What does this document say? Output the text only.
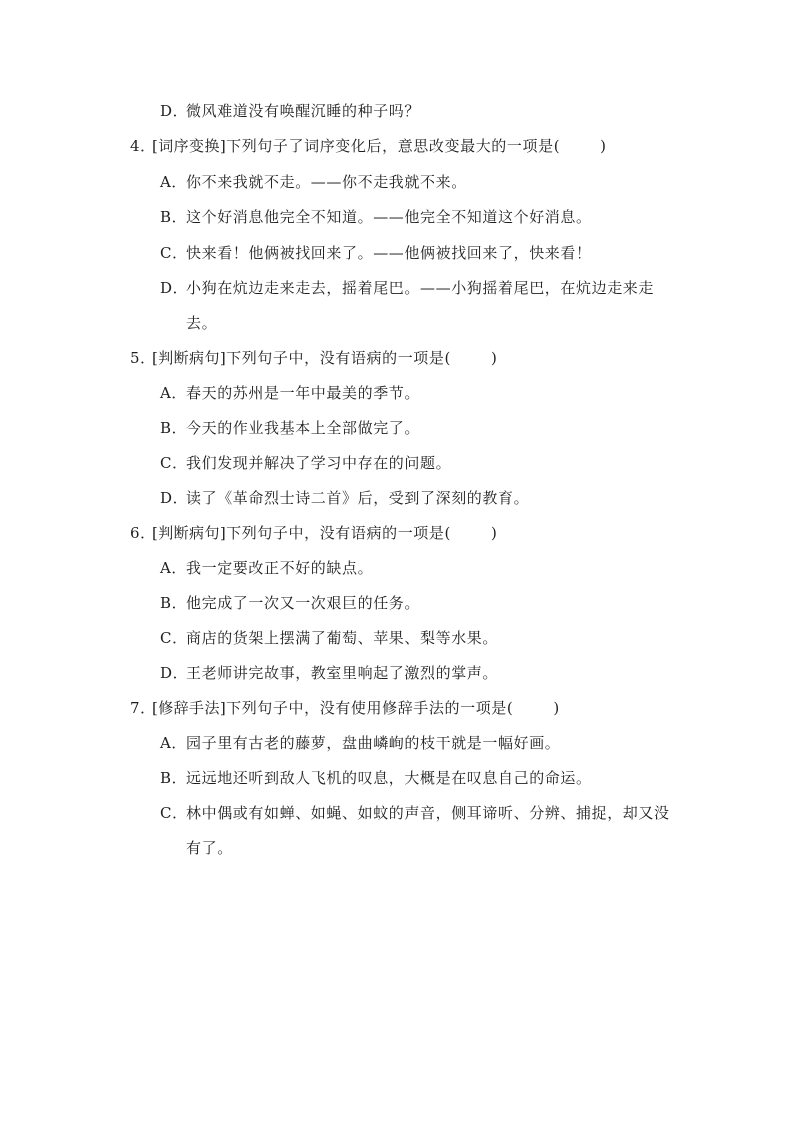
D．
微风难道没有唤醒沉睡的种子吗？
4．
[词序变换]下列句子了词序变化后，意思改变最大的一项是(	)
A．
你不来我就不走。——你不走我就不来。
B．
这个好消息他完全不知道。——他完全不知道这个好消息。
C．
快来看！他俩被找回来了。——他俩被找回来了，快来看！
D．
小狗在炕边走来走去，摇着尾巴。——小狗摇着尾巴，在炕边走来走
去。
5．
[判断病句]下列句子中，没有语病的一项是(	)
A．
春天的苏州是一年中最美的季节。
B．
今天的作业我基本上全部做完了。
C．
我们发现并解决了学习中存在的问题。
D．
读了《革命烈士诗二首》后，受到了深刻的教育。
6．
[判断病句]下列句子中，没有语病的一项是(	)
A．
我一定要改正不好的缺点。
B．
他完成了一次又一次艰巨的任务。
C．
商店的货架上摆满了葡萄、苹果、梨等水果。
D．
王老师讲完故事，教室里响起了激烈的掌声。
7．
[修辞手法]下列句子中，没有使用修辞手法的一项是(	)
A．
园子里有古老的藤萝，盘曲嶙峋的枝干就是一幅好画。
B．
远远地还听到敌人飞机的叹息，大概是在叹息自己的命运。
C．
林中偶或有如蝉、如蝇、如蚊的声音，侧耳谛听、分辨、捕捉，却又没
有了。
